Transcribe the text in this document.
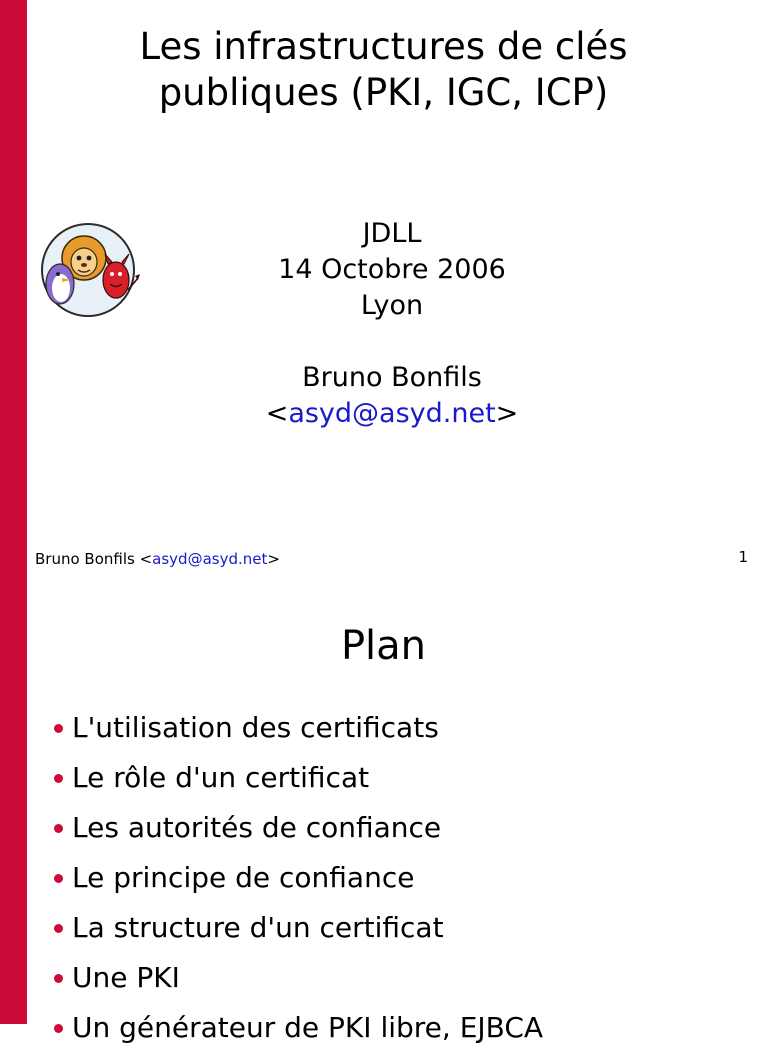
Les infrastructures de clés
publiques (PKI, IGC, ICP)
JDLL
14 Octobre 2006
Lyon
Bruno Bonfils
<asyd@asyd.net>
Bruno Bonfils <asyd@asyd.net>	1
Plan
L'utilisation des certificats
Le rôle d'un certificat
Les autorités de confiance
Le principe de confiance
La structure d'un certificat
Une PKI
Un générateur de PKI libre, EJBCA
